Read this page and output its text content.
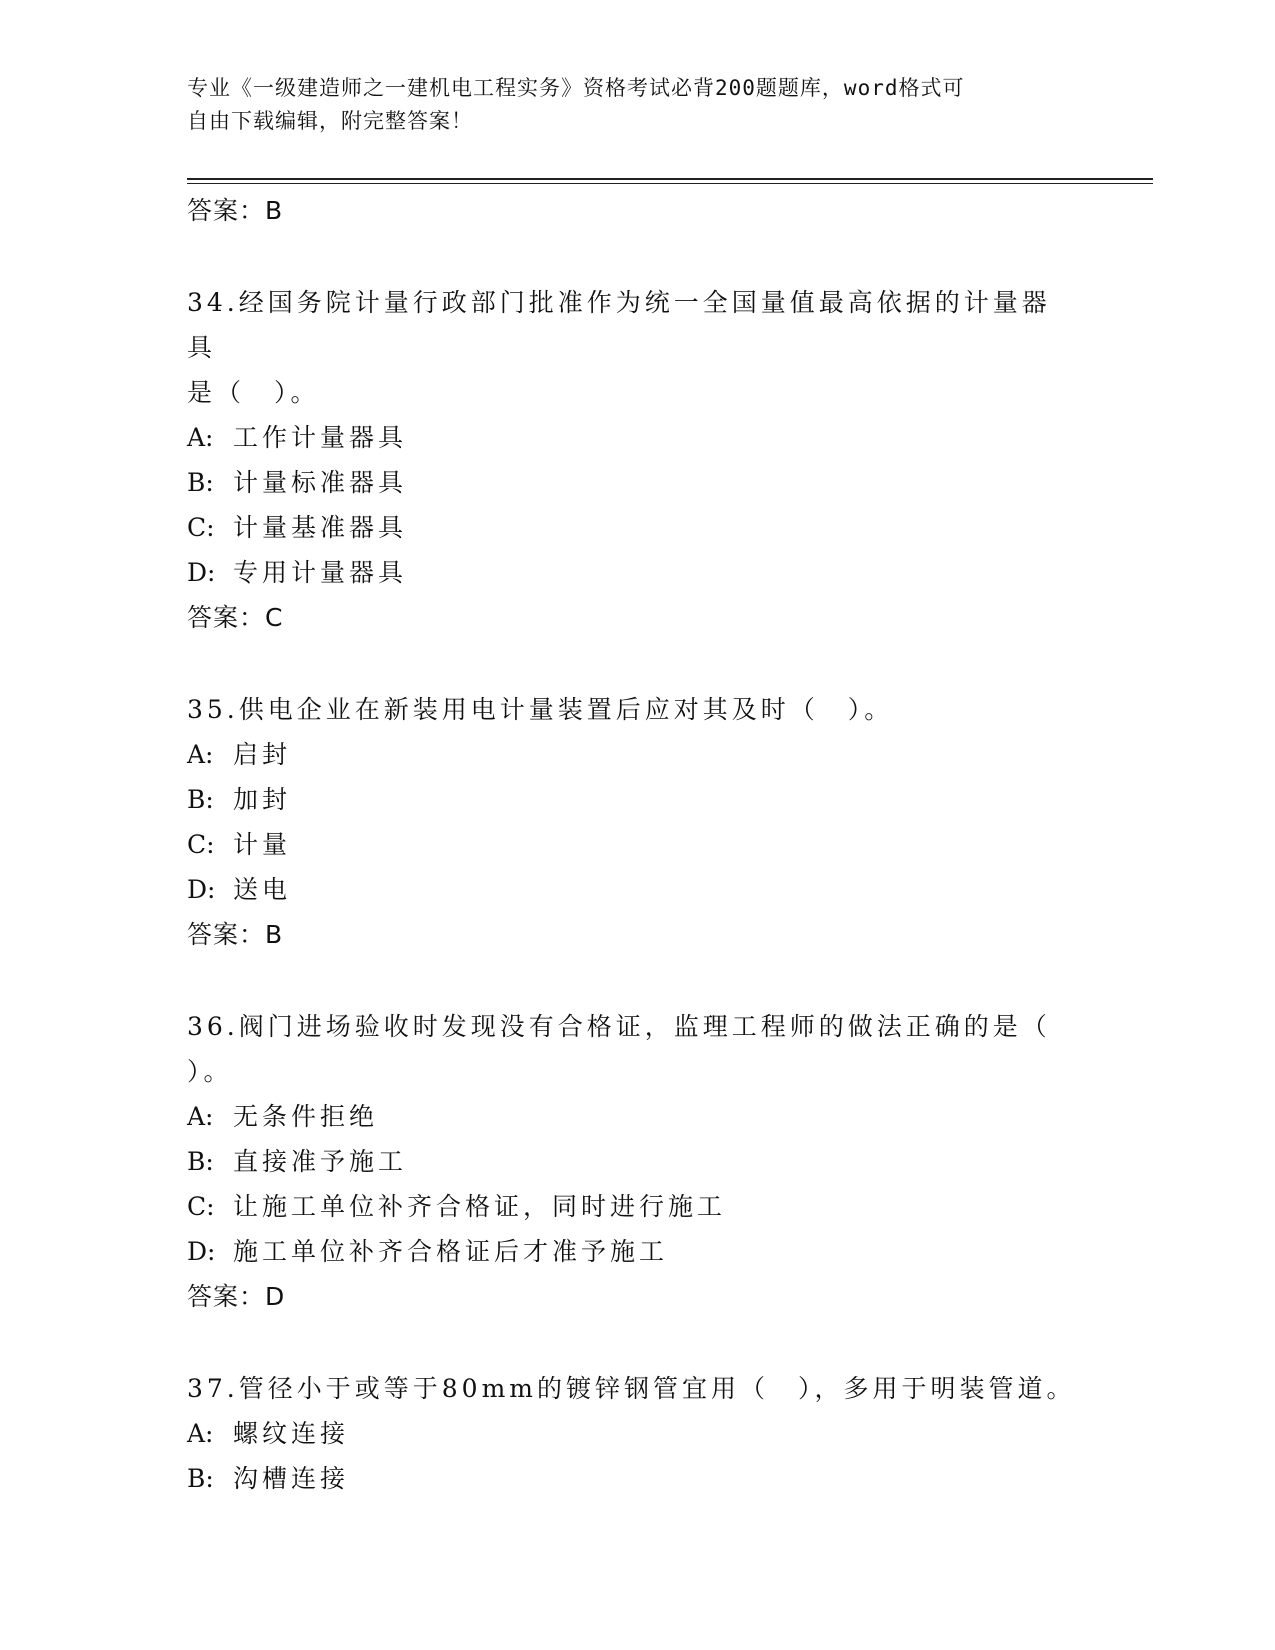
专业《一级建造师之一建机电工程实务》资格考试必背200题题库，word格式可
自由下载编辑，附完整答案！
答案：B
34.经国务院计量行政部门批准作为统一全国量值最高依据的计量器具
是（　）。
A: 工作计量器具
B: 计量标准器具
C: 计量基准器具
D: 专用计量器具
答案：C
35.供电企业在新装用电计量装置后应对其及时（　）。
A: 启封
B: 加封
C: 计量
D: 送电
答案：B
36.阀门进场验收时发现没有合格证，监理工程师的做法正确的是（
）。
A: 无条件拒绝
B: 直接准予施工
C: 让施工单位补齐合格证，同时进行施工
D: 施工单位补齐合格证后才准予施工
答案：D
37.管径小于或等于80mm的镀锌钢管宜用（　），多用于明装管道。
A: 螺纹连接
B: 沟槽连接
